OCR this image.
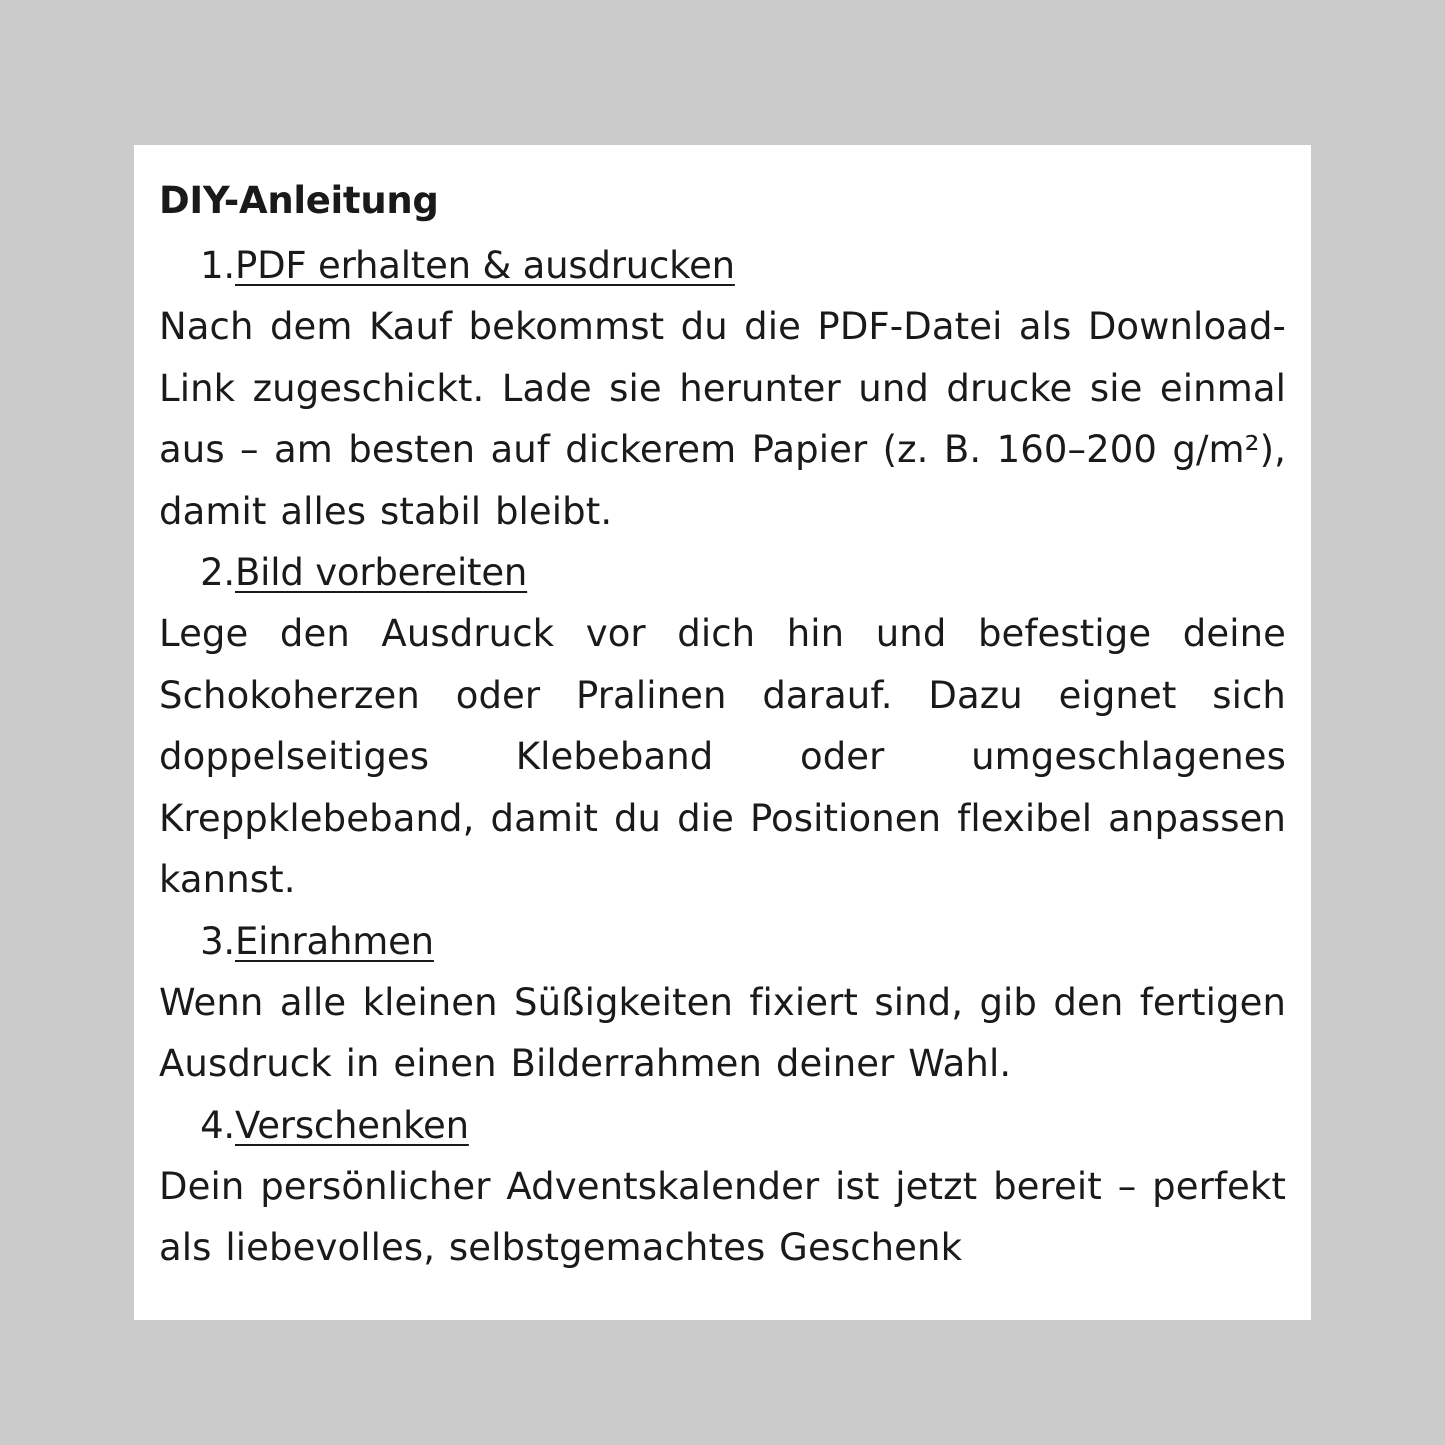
DIY-Anleitung
1. PDF erhalten & ausdrucken

Nach dem Kauf bekommst du die PDF-Datei als Download-Link zugeschickt. Lade sie herunter und drucke sie einmal aus – am besten auf dickerem Papier (z. B. 160–200 g/m²), damit alles stabil bleibt.

2. Bild vorbereiten

Lege den Ausdruck vor dich hin und befestige deine Schokoherzen oder Pralinen darauf. Dazu eignet sich doppelseitiges Klebeband oder umgeschlagenes Kreppklebeband, damit du die Positionen flexibel anpassen kannst.

3. Einrahmen

Wenn alle kleinen Süßigkeiten fixiert sind, gib den fertigen Ausdruck in einen Bilderrahmen deiner Wahl.

4. Verschenken

Dein persönlicher Adventskalender ist jetzt bereit – perfekt als liebevolles, selbstgemachtes Geschenk
